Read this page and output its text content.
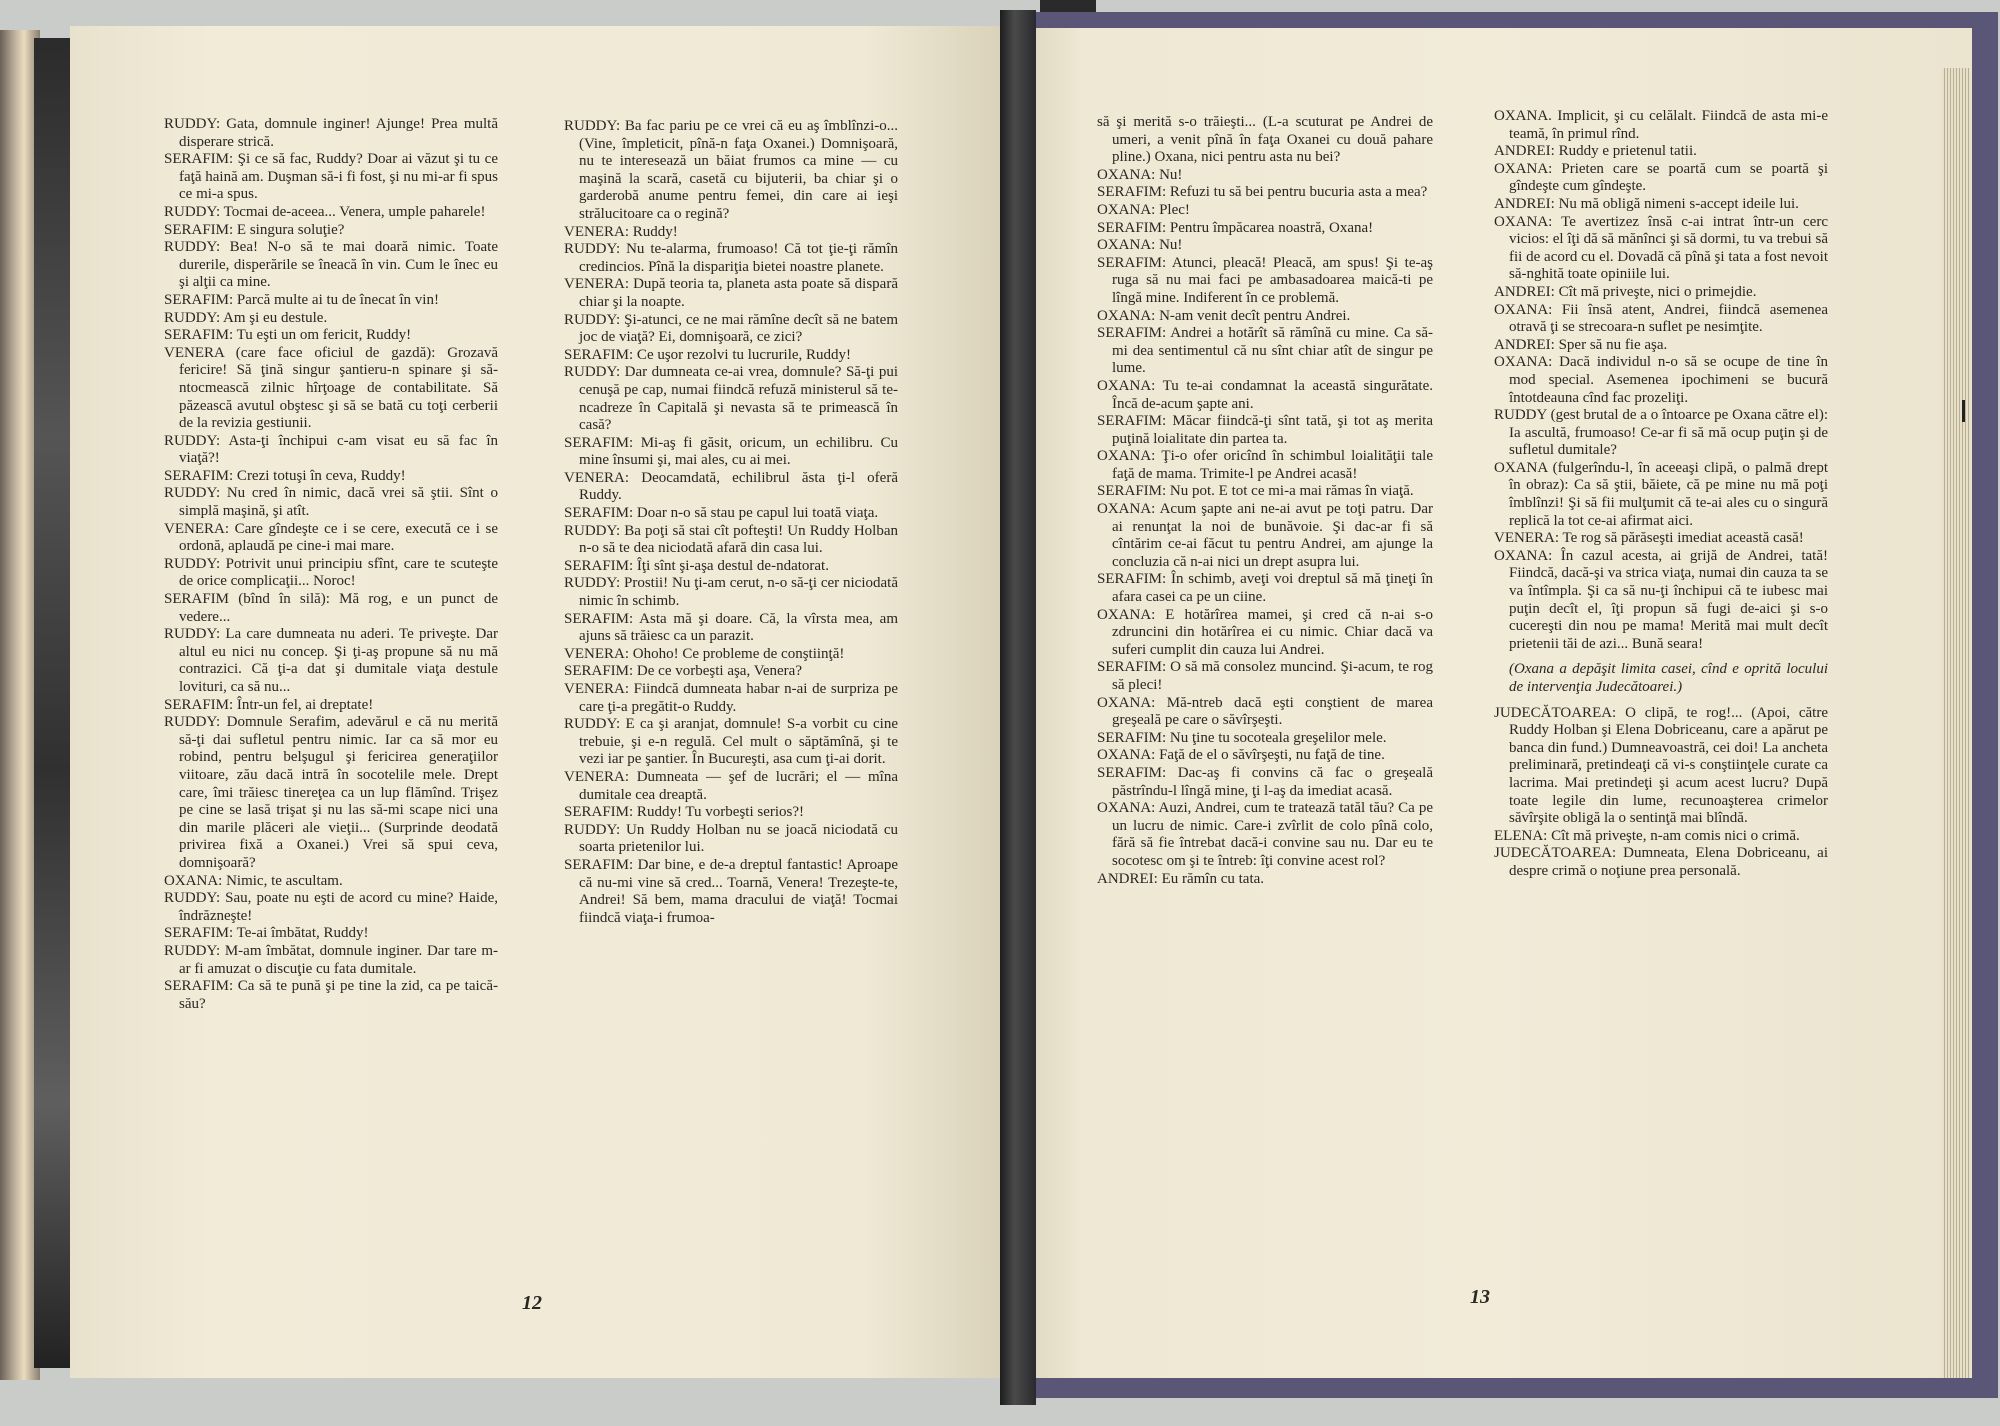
RUDDY: Gata, domnule inginer! Ajunge! Prea multă disperare strică.

SERAFIM: Şi ce să fac, Ruddy? Doar ai văzut şi tu ce faţă haină am. Duşman să-i fi fost, şi nu mi-ar fi spus ce mi-a spus.

RUDDY: Tocmai de-aceea... Venera, umple paharele!

SERAFIM: E singura soluţie?

RUDDY: Bea! N-o să te mai doară nimic. Toate durerile, disperările se îneacă în vin. Cum le înec eu şi alţii ca mine.

SERAFIM: Parcă multe ai tu de înecat în vin!

RUDDY: Am şi eu destule.

SERAFIM: Tu eşti un om fericit, Ruddy!

VENERA (care face oficiul de gazdă): Grozavă fericire! Să ţină singur şantieru-n spinare şi să-ntocmească zilnic hîrţoage de contabilitate. Să păzească avutul obştesc şi să se bată cu toţi cerberii de la revizia gestiunii.

RUDDY: Asta-ţi închipui c-am visat eu să fac în viaţă?!

SERAFIM: Crezi totuşi în ceva, Ruddy!

RUDDY: Nu cred în nimic, dacă vrei să ştii. Sînt o simplă maşină, şi atît.

VENERA: Care gîndeşte ce i se cere, execută ce i se ordonă, aplaudă pe cine-i mai mare.

RUDDY: Potrivit unui principiu sfînt, care te scuteşte de orice complicaţii... Noroc!

SERAFIM (bînd în silă): Mă rog, e un punct de vedere...

RUDDY: La care dumneata nu aderi. Te priveşte. Dar altul eu nici nu concep. Şi ţi-aş propune să nu mă contrazici. Că ţi-a dat şi dumitale viaţa destule lovituri, ca să nu...

SERAFIM: Într-un fel, ai dreptate!

RUDDY: Domnule Serafim, adevărul e că nu merită să-ţi dai sufletul pentru nimic. Iar ca să mor eu robind, pentru belşugul şi fericirea generaţiilor viitoare, zău dacă intră în socotelile mele. Drept care, îmi trăiesc tinereţea ca un lup flămînd. Trişez pe cine se lasă trişat şi nu las să-mi scape nici una din marile plăceri ale vieţii... (Surprinde deodată privirea fixă a Oxanei.) Vrei să spui ceva, domnişoară?

OXANA: Nimic, te ascultam.

RUDDY: Sau, poate nu eşti de acord cu mine? Haide, îndrăzneşte!

SERAFIM: Te-ai îmbătat, Ruddy!

RUDDY: M-am îmbătat, domnule inginer. Dar tare m-ar fi amuzat o discuţie cu fata dumitale.

SERAFIM: Ca să te pună şi pe tine la zid, ca pe taică-său?

RUDDY: Ba fac pariu pe ce vrei că eu aş îmblînzi-o... (Vine, împleticit, pînă-n faţa Oxanei.) Domnişoară, nu te interesează un băiat frumos ca mine — cu maşină la scară, casetă cu bijuterii, ba chiar şi o garderobă anume pentru femei, din care ai ieşi strălucitoare ca o regină?

VENERA: Ruddy!

RUDDY: Nu te-alarma, frumoaso! Că tot ţie-ţi rămîn credincios. Pînă la dispariţia bietei noastre planete.

VENERA: După teoria ta, planeta asta poate să dispară chiar şi la noapte.

RUDDY: Şi-atunci, ce ne mai rămîne decît să ne batem joc de viaţă? Ei, domnişoară, ce zici?

SERAFIM: Ce uşor rezolvi tu lucrurile, Ruddy!

RUDDY: Dar dumneata ce-ai vrea, domnule? Să-ţi pui cenuşă pe cap, numai fiindcă refuză ministerul să te-ncadreze în Capitală şi nevasta să te primească în casă?

SERAFIM: Mi-aş fi găsit, oricum, un echilibru. Cu mine însumi şi, mai ales, cu ai mei.

VENERA: Deocamdată, echilibrul ăsta ţi-l oferă Ruddy.

SERAFIM: Doar n-o să stau pe capul lui toată viaţa.

RUDDY: Ba poţi să stai cît pofteşti! Un Ruddy Holban n-o să te dea niciodată afară din casa lui.

SERAFIM: Îţi sînt şi-aşa destul de-ndatorat.

RUDDY: Prostii! Nu ţi-am cerut, n-o să-ţi cer niciodată nimic în schimb.

SERAFIM: Asta mă şi doare. Că, la vîrsta mea, am ajuns să trăiesc ca un parazit.

VENERA: Ohoho! Ce probleme de conştiinţă!

SERAFIM: De ce vorbeşti aşa, Venera?

VENERA: Fiindcă dumneata habar n-ai de surpriza pe care ţi-a pregătit-o Ruddy.

RUDDY: E ca şi aranjat, domnule! S-a vorbit cu cine trebuie, şi e-n regulă. Cel mult o săptămînă, şi te vezi iar pe şantier. În Bucureşti, asa cum ţi-ai dorit.

VENERA: Dumneata — şef de lucrări; el — mîna dumitale cea dreaptă.

SERAFIM: Ruddy! Tu vorbeşti serios?!

RUDDY: Un Ruddy Holban nu se joacă niciodată cu soarta prietenilor lui.

SERAFIM: Dar bine, e de-a dreptul fantastic! Aproape că nu-mi vine să cred... Toarnă, Venera! Trezeşte-te, Andrei! Să bem, mama dracului de viaţă! Tocmai fiindcă viaţa-i frumoa-

12

să şi merită s-o trăieşti... (L-a scuturat pe Andrei de umeri, a venit pînă în faţa Oxanei cu două pahare pline.) Oxana, nici pentru asta nu bei?

OXANA: Nu!

SERAFIM: Refuzi tu să bei pentru bucuria asta a mea?

OXANA: Plec!

SERAFIM: Pentru împăcarea noastră, Oxana!

OXANA: Nu!

SERAFIM: Atunci, pleacă! Pleacă, am spus! Şi te-aş ruga să nu mai faci pe ambasadoarea maică-ti pe lîngă mine. Indiferent în ce problemă.

OXANA: N-am venit decît pentru Andrei.

SERAFIM: Andrei a hotărît să rămînă cu mine. Ca să-mi dea sentimentul că nu sînt chiar atît de singur pe lume.

OXANA: Tu te-ai condamnat la această singurătate. Încă de-acum şapte ani.

SERAFIM: Măcar fiindcă-ţi sînt tată, şi tot aş merita puţină loialitate din partea ta.

OXANA: Ţi-o ofer oricînd în schimbul loialităţii tale faţă de mama. Trimite-l pe Andrei acasă!

SERAFIM: Nu pot. E tot ce mi-a mai rămas în viaţă.

OXANA: Acum şapte ani ne-ai avut pe toţi patru. Dar ai renunţat la noi de bunăvoie. Şi dac-ar fi să cîntărim ce-ai făcut tu pentru Andrei, am ajunge la concluzia că n-ai nici un drept asupra lui.

SERAFIM: În schimb, aveţi voi dreptul să mă ţineţi în afara casei ca pe un ciine.

OXANA: E hotărîrea mamei, şi cred că n-ai s-o zdruncini din hotărîrea ei cu nimic. Chiar dacă va suferi cumplit din cauza lui Andrei.

SERAFIM: O să mă consolez muncind. Şi-acum, te rog să pleci!

OXANA: Mă-ntreb dacă eşti conştient de marea greşeală pe care o săvîrşeşti.

SERAFIM: Nu ţine tu socoteala greşelilor mele.

OXANA: Faţă de el o săvîrşeşti, nu faţă de tine.

SERAFIM: Dac-aş fi convins că fac o greşeală păstrîndu-l lîngă mine, ţi l-aş da imediat acasă.

OXANA: Auzi, Andrei, cum te tratează tatăl tău? Ca pe un lucru de nimic. Care-i zvîrlit de colo pînă colo, fără să fie întrebat dacă-i convine sau nu. Dar eu te socotesc om şi te întreb: îţi convine acest rol?

ANDREI: Eu rămîn cu tata.

OXANA. Implicit, şi cu celălalt. Fiindcă de asta mi-e teamă, în primul rînd.

ANDREI: Ruddy e prietenul tatii.

OXANA: Prieten care se poartă cum se poartă şi gîndeşte cum gîndeşte.

ANDREI: Nu mă obligă nimeni s-accept ideile lui.

OXANA: Te avertizez însă c-ai intrat într-un cerc vicios: el îţi dă să mănînci şi să dormi, tu va trebui să fii de acord cu el. Dovadă că pînă şi tata a fost nevoit să-nghită toate opiniile lui.

ANDREI: Cît mă priveşte, nici o primejdie.

OXANA: Fii însă atent, Andrei, fiindcă asemenea otravă ţi se strecoara-n suflet pe nesimţite.

ANDREI: Sper să nu fie aşa.

OXANA: Dacă individul n-o să se ocupe de tine în mod special. Asemenea ipochimeni se bucură întotdeauna cînd fac prozeliţi.

RUDDY (gest brutal de a o întoarce pe Oxana către el): Ia ascultă, frumoaso! Ce-ar fi să mă ocup puţin şi de sufletul dumitale?

OXANA (fulgerîndu-l, în aceeaşi clipă, o palmă drept în obraz): Ca să ştii, băiete, că pe mine nu mă poţi îmblînzi! Şi să fii mulţumit că te-ai ales cu o singură replică la tot ce-ai afirmat aici.

VENERA: Te rog să părăseşti imediat această casă!

OXANA: În cazul acesta, ai grijă de Andrei, tată! Fiindcă, dacă-şi va strica viaţa, numai din cauza ta se va întîmpla. Şi ca să nu-ţi închipui că te iubesc mai puţin decît el, îţi propun să fugi de-aici şi s-o cucereşti din nou pe mama! Merită mai mult decît prietenii tăi de azi... Bună seara!

(Oxana a depăşit limita casei, cînd e oprită locului de intervenţia Judecătoarei.)

JUDECĂTOAREA: O clipă, te rog!... (Apoi, către Ruddy Holban şi Elena Dobriceanu, care a apărut pe banca din fund.) Dumneavoastră, cei doi! La ancheta preliminară, pretindeaţi că vi-s conştiinţele curate ca lacrima. Mai pretindeţi şi acum acest lucru? După toate legile din lume, recunoaşterea crimelor săvîrşite obligă la o sentinţă mai blîndă.

ELENA: Cît mă priveşte, n-am comis nici o crimă.

JUDECĂTOAREA: Dumneata, Elena Dobriceanu, ai despre crimă o noţiune prea personală.

13
